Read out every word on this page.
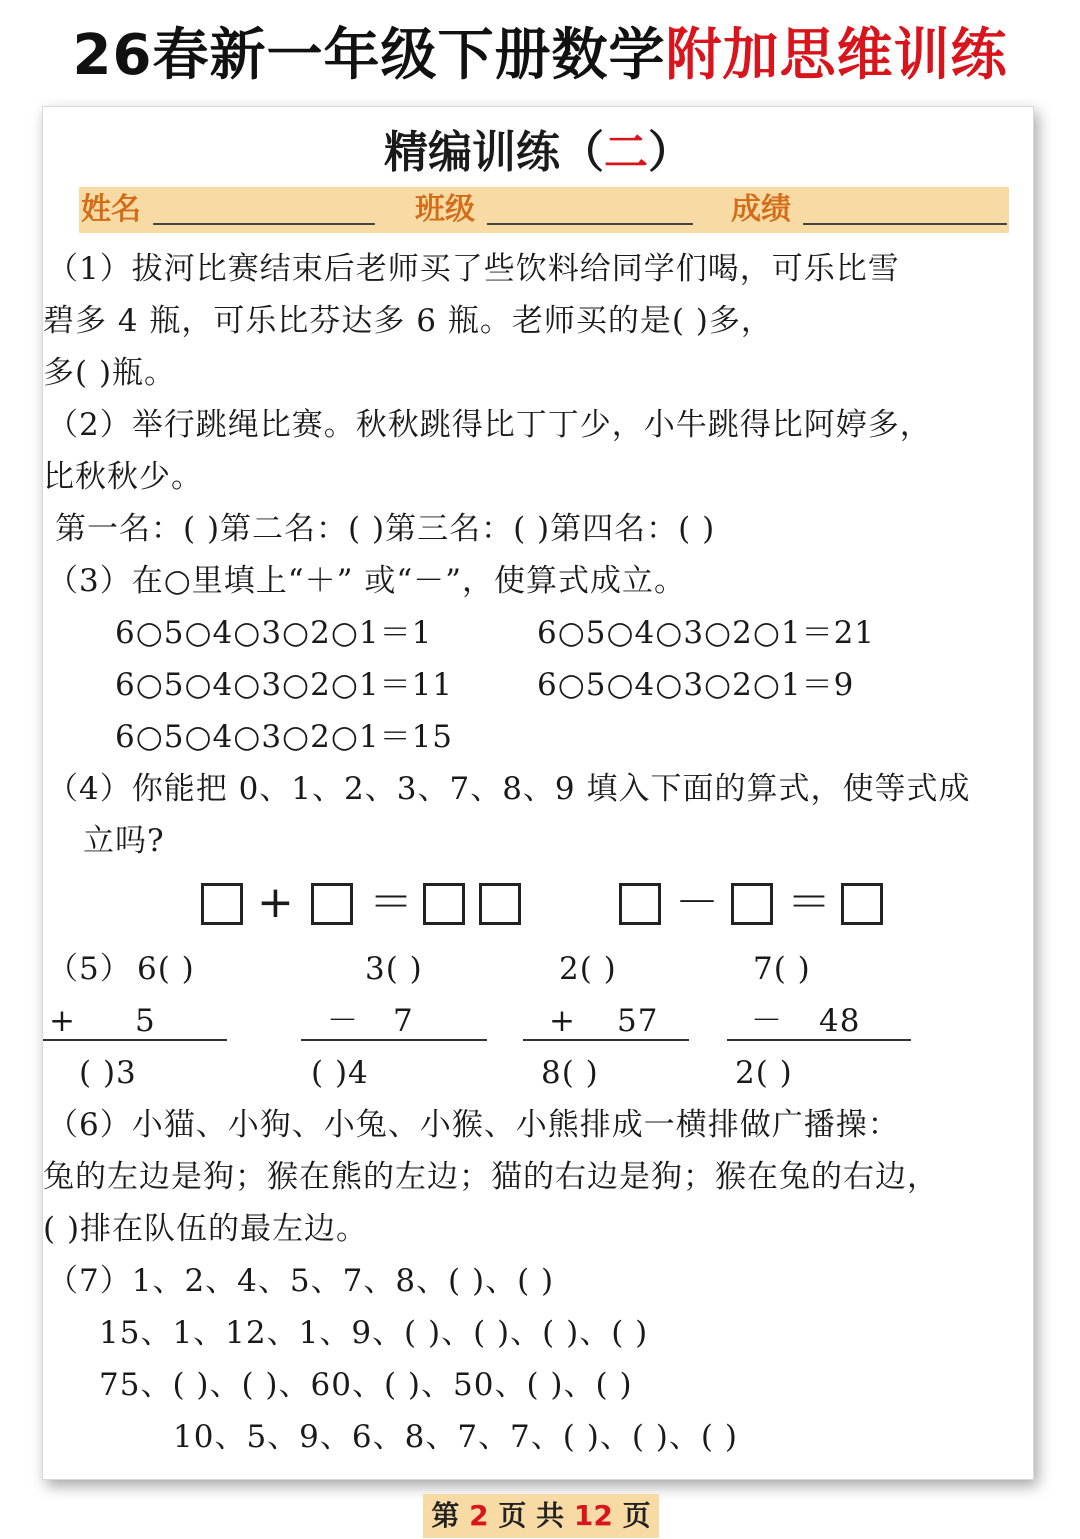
26春新一年级下册数学附加思维训练
精编训练（二）
姓名	班级	成绩
（1）拔河比赛结束后老师买了些饮料给同学们喝，可乐比雪
碧多 4 瓶，可乐比芬达多 6 瓶。老师买的是( )多，
多( )瓶。
（2）举行跳绳比赛。秋秋跳得比丁丁少，小牛跳得比阿婷多，
比秋秋少。
第一名：( )第二名：( )第三名：( )第四名：( )
（3）在○里填上“＋” 或“－”，使算式成立。
6○5○4○3○2○1＝1	6○5○4○3○2○1＝21
6○5○4○3○2○1＝11	6○5○4○3○2○1＝9
6○5○4○3○2○1＝15
（4）你能把 0、1、2、3、7、8、9 填入下面的算式，使等式成
立吗?
+ ＝	－ ＝
（5） 6( )
+ 5
( )3
3( )
－ 7
( )4
2( )
+ 57
8( )
7( )
－ 48
2( )
（6）小猫、小狗、小兔、小猴、小熊排成一横排做广播操：
兔的左边是狗；猴在熊的左边；猫的右边是狗；猴在兔的右边，
( )排在队伍的最左边。
（7）1、2、4、5、7、8、( )、( )
15、1、12、1、9、( )、( )、( )、( )
75、( )、( )、60、( )、50、( )、( )
10、5、9、6、8、7、7、( )、( )、( )
第 2 页 共 12 页
